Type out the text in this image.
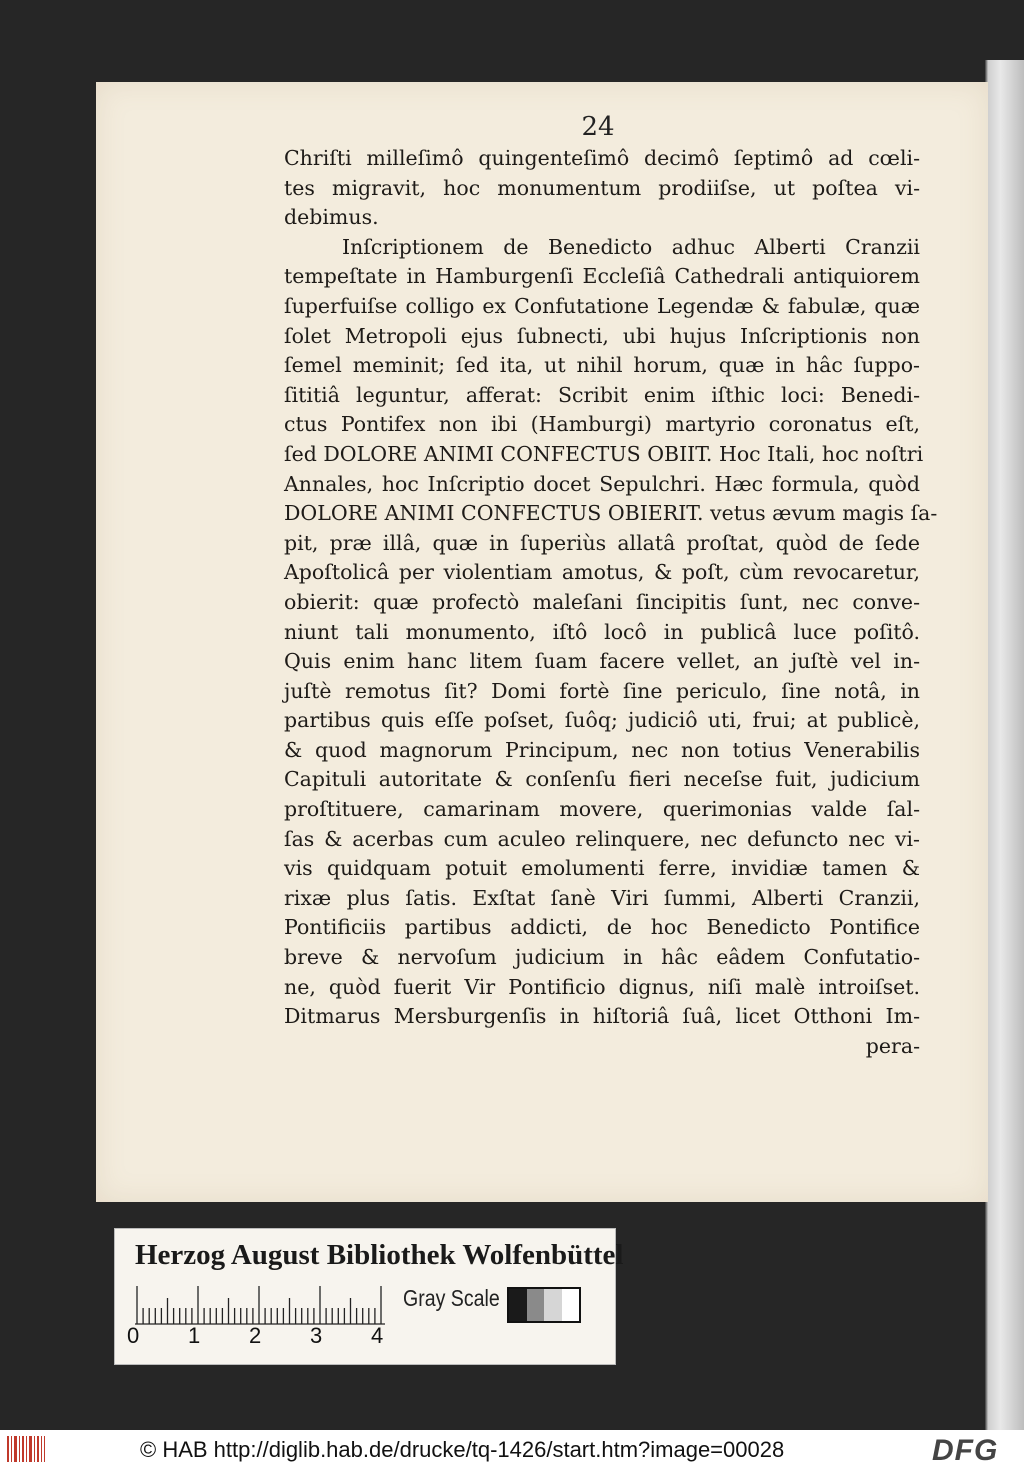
24
Chriſti milleſimô quingenteſimô decimô ſeptimô ad cœli-
tes migravit, hoc monumentum prodiiſse, ut poſtea vi-
debimus.
Inſcriptionem de Benedicto adhuc Alberti Cranzii
tempeſtate in Hamburgenſi Eccleſiâ Cathedrali antiquiorem
ſuperfuiſse colligo ex Confutatione Legendæ & fabulæ, quæ
ſolet Metropoli ejus ſubnecti, ubi hujus Inſcriptionis non
ſemel meminit; ſed ita, ut nihil horum, quæ in hâc ſuppo-
ſititiâ leguntur, afferat: Scribit enim iſthic loci: Benedi-
ctus Pontifex non ibi (Hamburgi) martyrio coronatus eſt,
ſed DOLORE ANIMI CONFECTUS OBIIT. Hoc Itali, hoc noſtri
Annales, hoc Inſcriptio docet Sepulchri. Hæc formula, quòd
DOLORE ANIMI CONFECTUS OBIERIT. vetus ævum magis ſa-
pit, præ illâ, quæ in ſuperiùs allatâ proſtat, quòd de ſede
Apoſtolicâ per violentiam amotus, & poſt, cùm revocaretur,
obierit: quæ profectò maleſani ſincipitis ſunt, nec conve-
niunt tali monumento, iſtô locô in publicâ luce poſitô.
Quis enim hanc litem ſuam facere vellet, an juſtè vel in-
juſtè remotus ſit? Domi fortè ſine periculo, ſine notâ, in
partibus quis eſſe poſset, ſuôq; judiciô uti, frui; at publicè,
& quod magnorum Principum, nec non totius Venerabilis
Capituli autoritate & conſenſu fieri neceſse fuit, judicium
proſtituere, camarinam movere, querimonias valde ſal-
ſas & acerbas cum aculeo relinquere, nec defuncto nec vi-
vis quidquam potuit emolumenti ferre, invidiæ tamen &
rixæ plus ſatis. Exſtat ſanè Viri ſummi, Alberti Cranzii,
Pontificiis partibus addicti, de hoc Benedicto Pontifice
breve & nervoſum judicium in hâc eâdem Confutatio-
ne, quòd fuerit Vir Pontificio dignus, niſi malè introiſset.
Ditmarus Mersburgenſis in hiſtoriâ ſuâ, licet Otthoni Im-
pera-
Herzog August Bibliothek Wolfenbüttel
0 1 2 3 4
Gray Scale
© HAB http://diglib.hab.de/drucke/tq-1426/start.htm?image=00028	DFG
